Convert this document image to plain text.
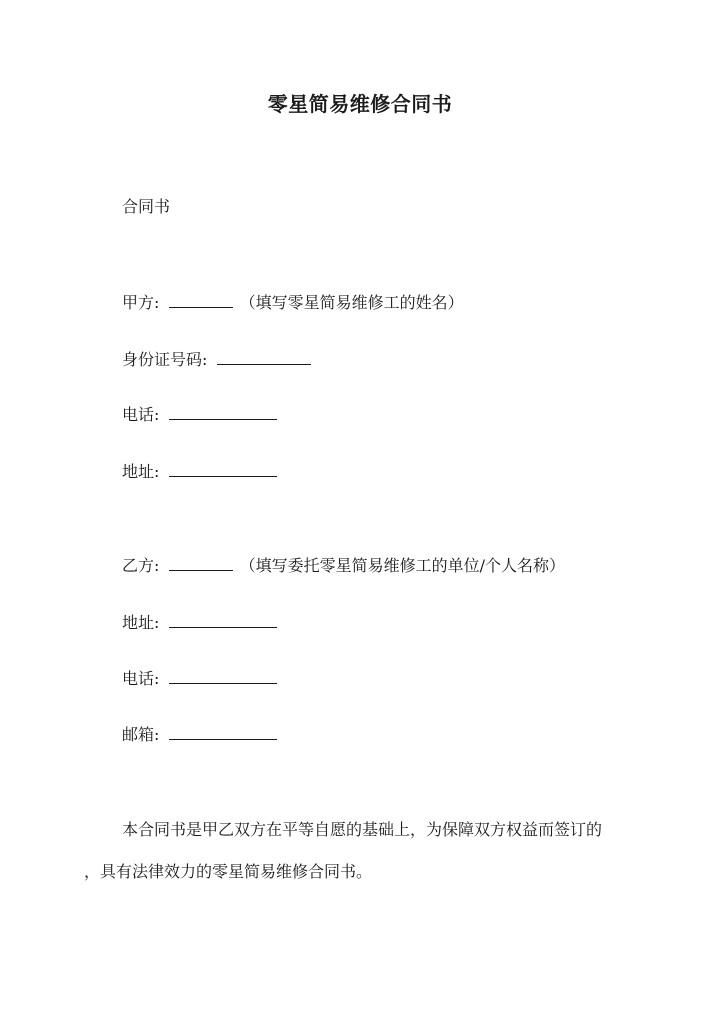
零星简易维修合同书
合同书
甲方:	（填写零星简易维修工的姓名）
身份证号码:
电话:
地址:
乙方:	（填写委托零星简易维修工的单位/个人名称）
地址:
电话:
邮箱:
本合同书是甲乙双方在平等自愿的基础上，为保障双方权益而签订的
，具有法律效力的零星简易维修合同书。
